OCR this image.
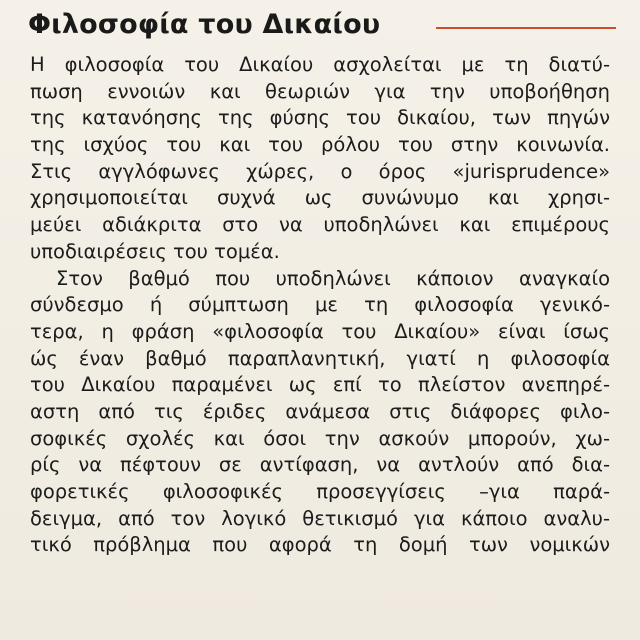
Φιλοσοφία του Δικαίου
Η φιλοσοφία του Δικαίου ασχολείται με τη διατύ-
πωση εννοιών και θεωριών για την υποβοήθηση
της κατανόησης της φύσης του δικαίου, των πηγών
της ισχύος του και του ρόλου του στην κοινωνία.
Στις αγγλόφωνες χώρες, ο όρος «jurisprudence»
χρησιμοποιείται συχνά ως συνώνυμο και χρησι-
μεύει αδιάκριτα στο να υποδηλώνει και επιμέρους
υποδιαιρέσεις του τομέα.
Στον βαθμό που υποδηλώνει κάποιον αναγκαίο
σύνδεσμο ή σύμπτωση με τη φιλοσοφία γενικό-
τερα, η φράση «φιλοσοφία του Δικαίου» είναι ίσως
ώς έναν βαθμό παραπλανητική, γιατί η φιλοσοφία
του Δικαίου παραμένει ως επί το πλείστον ανεπηρέ-
αστη από τις έριδες ανάμεσα στις διάφορες φιλο-
σοφικές σχολές και όσοι την ασκούν μπορούν, χω-
ρίς να πέφτουν σε αντίφαση, να αντλούν από δια-
φορετικές φιλοσοφικές προσεγγίσεις –για παρά-
δειγμα, από τον λογικό θετικισμό για κάποιο αναλυ-
τικό πρόβλημα που αφορά τη δομή των νομικών
